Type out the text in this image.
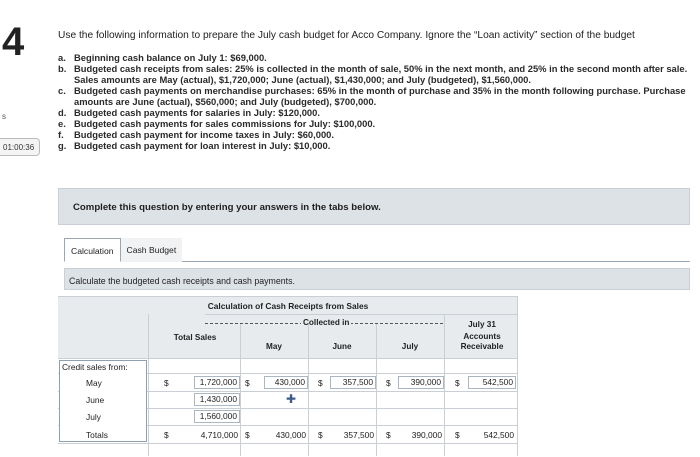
4
s
01:00:36
Use the following information to prepare the July cash budget for Acco Company. Ignore the “Loan activity” section of the budget
a. Beginning cash balance on July 1: $69,000.
b. Budgeted cash receipts from sales: 25% is collected in the month of sale, 50% in the next month, and 25% in the second month after sale. Sales amounts are May (actual), $1,720,000; June (actual), $1,430,000; and July (budgeted), $1,560,000.
c. Budgeted cash payments on merchandise purchases: 65% in the month of purchase and 35% in the month following purchase. Purchase amounts are June (actual), $560,000; and July (budgeted), $700,000.
d. Budgeted cash payments for salaries in July: $120,000.
e. Budgeted cash payments for sales commissions for July: $100,000.
f.	Budgeted cash payment for income taxes in July: $60,000.
g. Budgeted cash payment for loan interest in July: $10,000.
Complete this question by entering your answers in the tabs below.
Calculation	Cash Budget
Calculate the budgeted cash receipts and cash payments.
Calculation of Cash Receipts from Sales
Collected in
Total Sales
May	June	July
July 31
Accounts
Receivable
Credit sales from:
May	$	1,720,000 $	430,000	$	357,500	$	390,000	$	542,500
June	1,430,000	✚
July	1,560,000
Totals	$	4,710,000 $	430,000 $	357,500 $	390,000 $	542,500
